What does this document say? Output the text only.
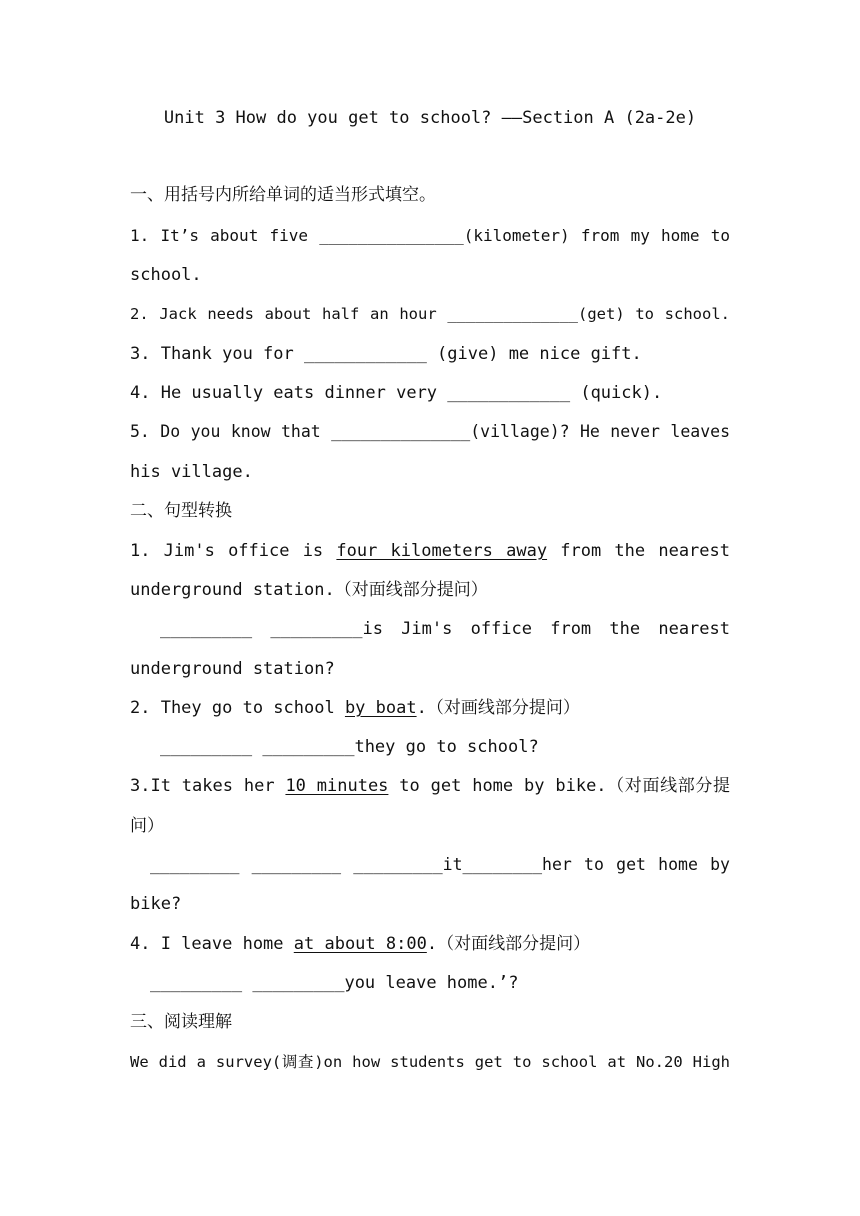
Unit 3 How do you get to school? ——Section A (2a-2e)
一、用括号内所给单词的适当形式填空。
1. It’s about five _______________(kilometer) from my home to
school.
2. Jack needs about half an hour ______________(get) to school.
3. Thank you for ____________ (give) me nice gift.
4. He usually eats dinner very ____________ (quick).
5. Do you know that ______________(village)? He never leaves
his village.
二、句型转换
1. Jim's office is four kilometers away from the nearest
underground station.（对面线部分提问）
_________ _________is Jim's office from the nearest
underground station?
2. They go to school by boat.（对画线部分提问）
_________ _________they go to school?
3.It takes her 10 minutes to get home by bike.（对面线部分提
问）
_________ _________ _________it________her to get home by
bike?
4. I leave home at about 8:00.（对面线部分提问）
_________ _________you leave home.’?
三、阅读理解
We did a survey(调查)on how students get to school at No.20 High
